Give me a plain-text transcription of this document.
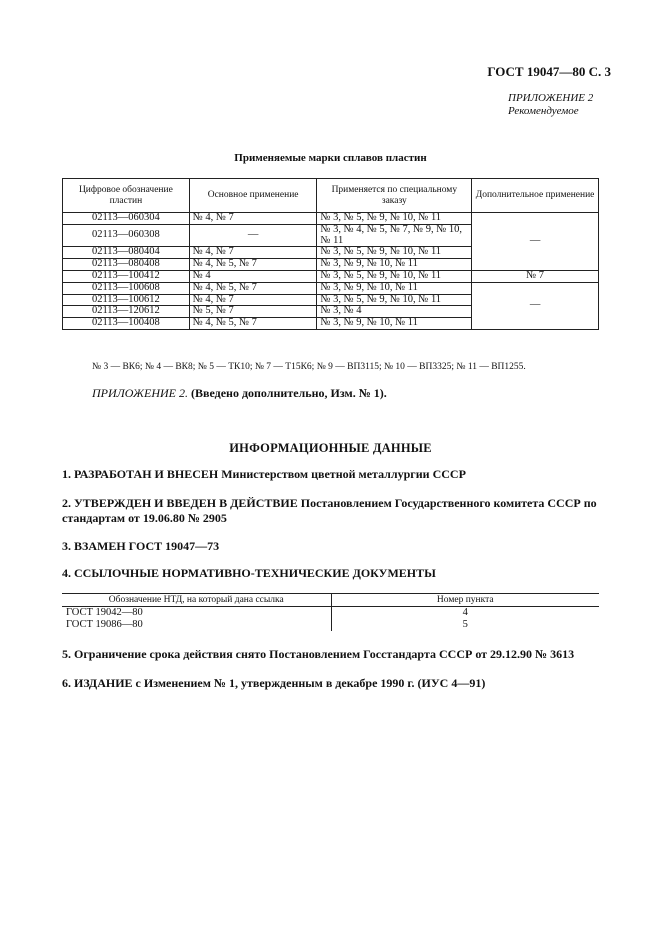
ГОСТ 19047—80 С. 3
ПРИЛОЖЕНИЕ 2
Рекомендуемое
Применяемые марки сплавов пластин
Цифровое обозначение пластин	Основное применение	Применяется по специальному заказу	Дополнительное применение
02113—060304	№ 4, № 7	№ 3, № 5, № 9, № 10, № 11	—
02113—060308	—	№ 3, № 4, № 5, № 7, № 9, № 10, № 11	
02113—080404	№ 4, № 7	№ 3, № 5, № 9, № 10, № 11	
02113—080408	№ 4, № 5, № 7	№ 3, № 9, № 10, № 11	
02113—100412	№ 4	№ 3, № 5, № 9, № 10, № 11	№ 7
02113—100608	№ 4, № 5, № 7	№ 3, № 9, № 10, № 11	—
02113—100612	№ 4, № 7	№ 3, № 5, № 9, № 10, № 11	
02113—120612	№ 5, № 7	№ 3, № 4	
02113—100408	№ 4, № 5, № 7	№ 3, № 9, № 10, № 11	
№ 3 — ВК6; № 4 — ВК8; № 5 — ТК10; № 7 — Т15К6; № 9 — ВП3115; № 10 — ВП3325; № 11 — ВП1255.
ПРИЛОЖЕНИЕ 2. (Введено дополнительно, Изм. № 1).
ИНФОРМАЦИОННЫЕ ДАННЫЕ
1. РАЗРАБОТАН И ВНЕСЕН Министерством цветной металлургии СССР
2. УТВЕРЖДЕН И ВВЕДЕН В ДЕЙСТВИЕ Постановлением Государственного комитета СССР по стандартам от 19.06.80 № 2905
3. ВЗАМЕН ГОСТ 19047—73
4. ССЫЛОЧНЫЕ НОРМАТИВНО-ТЕХНИЧЕСКИЕ ДОКУМЕНТЫ
Обозначение НТД, на который дана ссылка	Номер пункта
ГОСТ 19042—80	4
ГОСТ 19086—80	5
5. Ограничение срока действия снято Постановлением Госстандарта СССР от 29.12.90 № 3613
6. ИЗДАНИЕ с Изменением № 1, утвержденным в декабре 1990 г. (ИУС 4—91)
